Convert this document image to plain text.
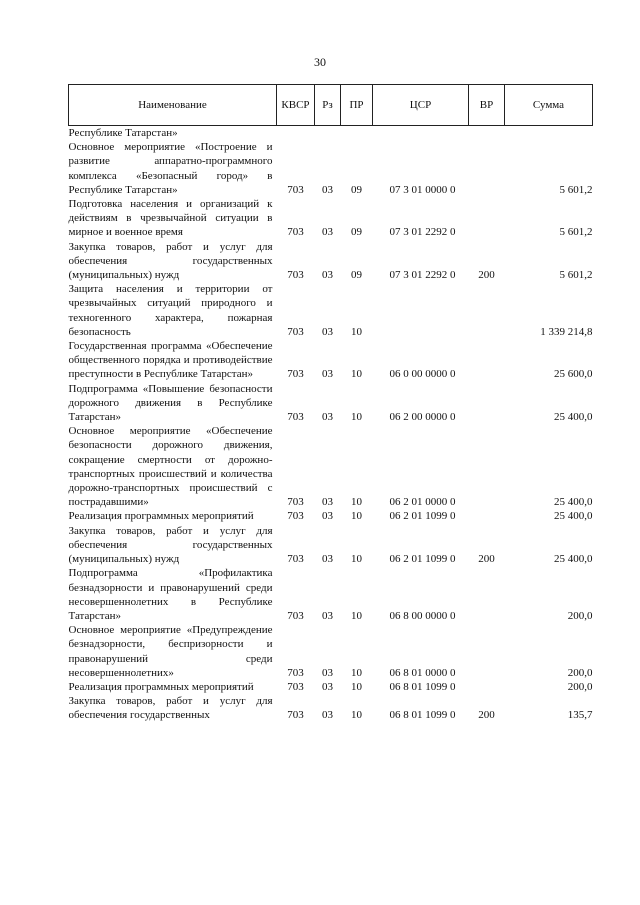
30
Наименование	КВСР	Рз	ПР	ЦСР	ВР	Сумма
Республике Татарстан»						
Основное мероприятие «Построение и развитие аппаратно-программного комплекса «Безопасный город» в Республике Татарстан»	703	03	09	07 3 01 0000 0		5 601,2
Подготовка населения и организаций к действиям в чрезвычайной ситуации в мирное и военное время	703	03	09	07 3 01 2292 0		5 601,2
Закупка товаров, работ и услуг для обеспечения государственных (муниципальных) нужд	703	03	09	07 3 01 2292 0	200	5 601,2
Защита населения и территории от чрезвычайных ситуаций природного и техногенного характера, пожарная безопасность	703	03	10			1 339 214,8
Государственная программа «Обеспечение общественного порядка и противодействие преступности в Республике Татарстан»	703	03	10	06 0 00 0000 0		25 600,0
Подпрограмма «Повышение безопасности дорожного движения в Республике Татарстан»	703	03	10	06 2 00 0000 0		25 400,0
Основное мероприятие «Обеспечение безопасности дорожного движения, сокращение смертности от дорожно-транспортных происшествий и количества дорожно-транспортных происшествий с пострадавшими»	703	03	10	06 2 01 0000 0		25 400,0
Реализация программных мероприятий	703	03	10	06 2 01 1099 0		25 400,0
Закупка товаров, работ и услуг для обеспечения государственных (муниципальных) нужд	703	03	10	06 2 01 1099 0	200	25 400,0
Подпрограмма «Профилактика безнадзорности и правонарушений среди несовершеннолетних в Республике Татарстан»	703	03	10	06 8 00 0000 0		200,0
Основное мероприятие «Предупреждение безнадзорности, беспризорности и правонарушений среди несовершеннолетних»	703	03	10	06 8 01 0000 0		200,0
Реализация программных мероприятий	703	03	10	06 8 01 1099 0		200,0
Закупка товаров, работ и услуг для обеспечения государственных	703	03	10	06 8 01 1099 0	200	135,7
